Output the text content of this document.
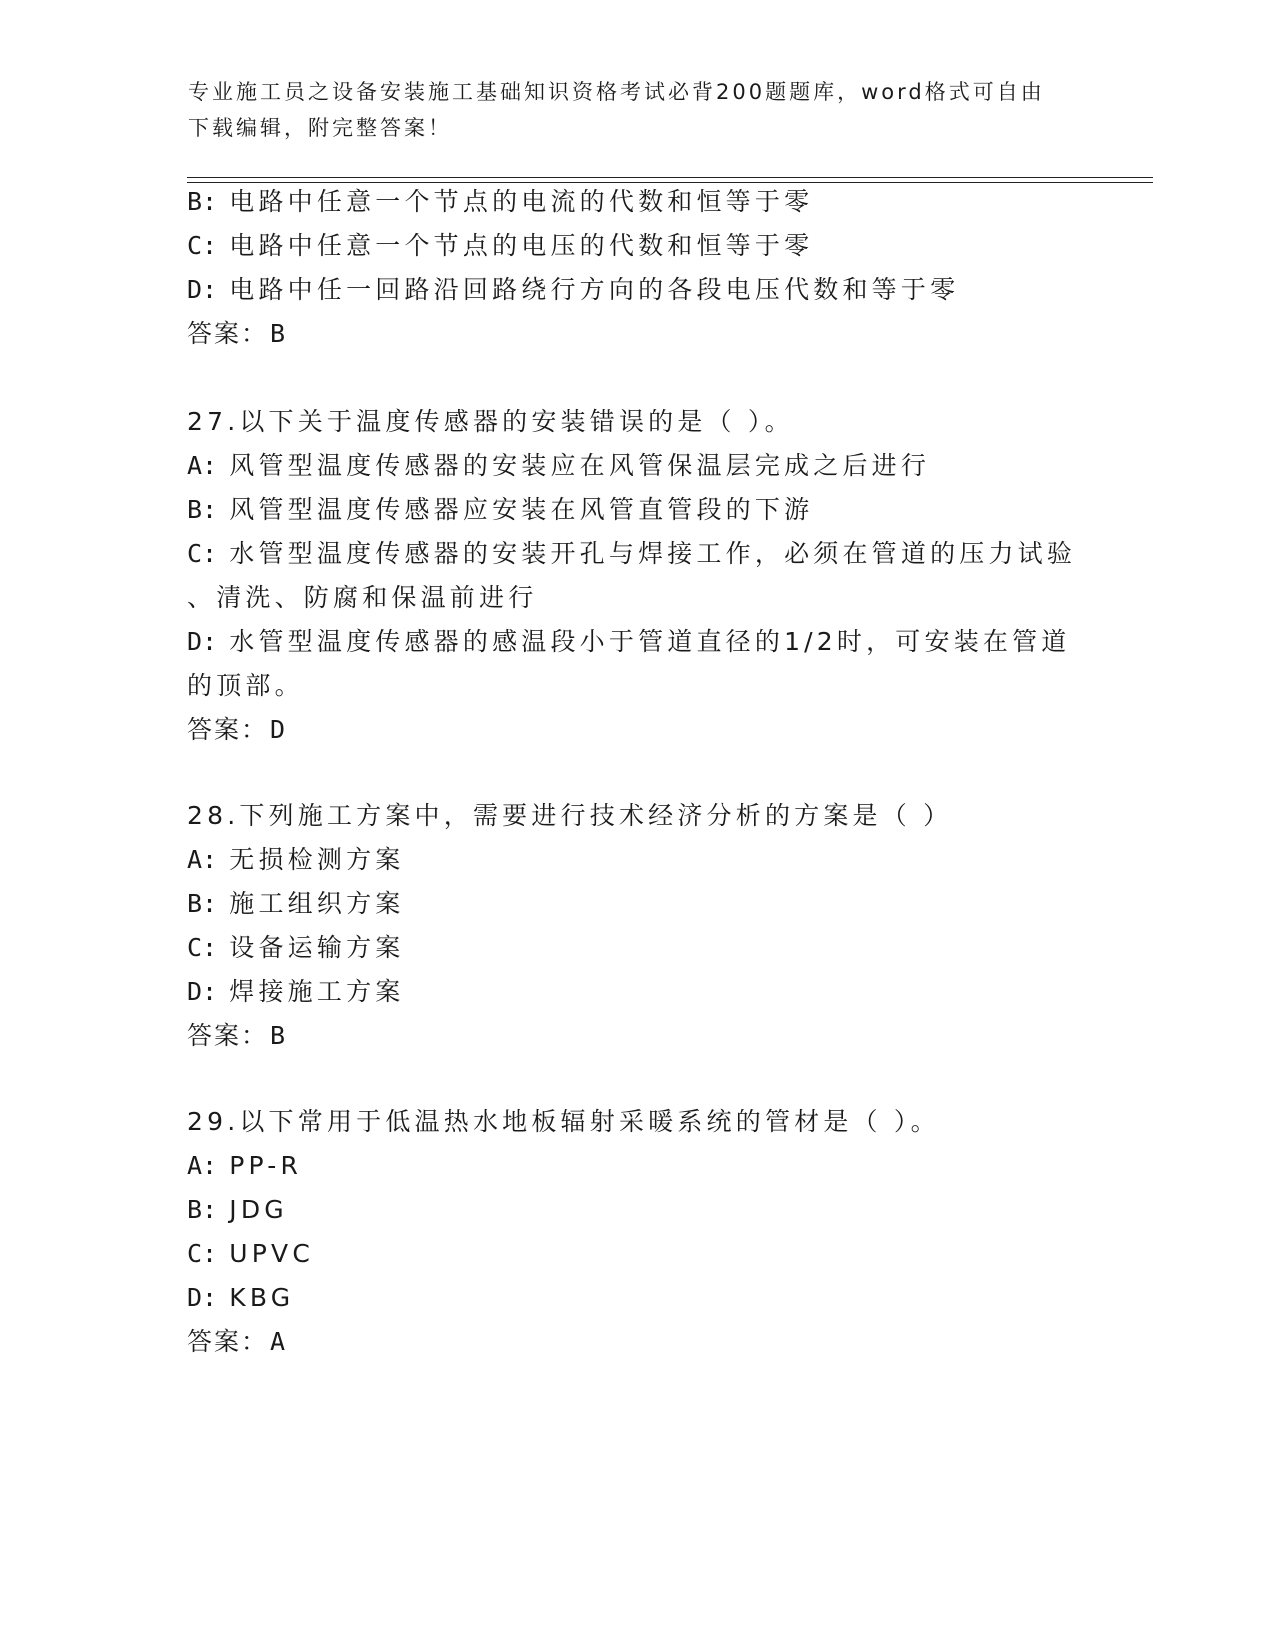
专业施工员之设备安装施工基础知识资格考试必背200题题库，word格式可自由下载编辑，附完整答案！
B: 电路中任意一个节点的电流的代数和恒等于零
C: 电路中任意一个节点的电压的代数和恒等于零
D: 电路中任一回路沿回路绕行方向的各段电压代数和等于零
答案：B
27.以下关于温度传感器的安装错误的是（ ）。
A: 风管型温度传感器的安装应在风管保温层完成之后进行
B: 风管型温度传感器应安装在风管直管段的下游
C: 水管型温度传感器的安装开孔与焊接工作，必须在管道的压力试验
、清洗、防腐和保温前进行
D: 水管型温度传感器的感温段小于管道直径的1/2时，可安装在管道
的顶部。
答案：D
28.下列施工方案中，需要进行技术经济分析的方案是（ ）
A: 无损检测方案
B: 施工组织方案
C: 设备运输方案
D: 焊接施工方案
答案：B
29.以下常用于低温热水地板辐射采暖系统的管材是（ ）。
A: PP-R
B: JDG
C: UPVC
D: KBG
答案：A
